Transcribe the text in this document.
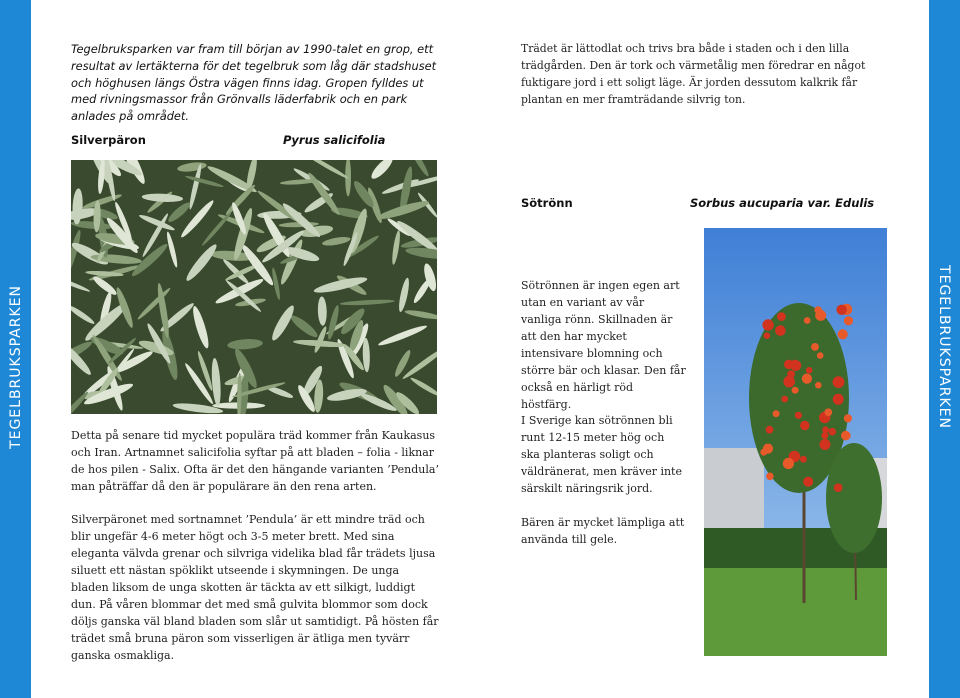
TEGELBRUKSPARKEN	TEGELBRUKSPARKEN

Tegelbruksparken var fram till början av 1990-talet en grop, ett resultat av lertäkterna för det tegelbruk som låg där stadshuset och höghusen längs Östra vägen finns idag. Gropen fylldes ut med rivningsmassor från Grönvalls läderfabrik och en park anlades på området.

Trädet är lättodlat och trivs bra både i staden och i den lilla trädgården. Den är tork och värmetålig men föredrar en något fuktigare jord i ett soligt läge. Är jorden dessutom kalkrik får plantan en mer framträdande silvrig ton.

Silverpäron	Pyrus salicifolia

Detta på senare tid mycket populära träd kommer från Kaukasus och Iran. Artnamnet salicifolia syftar på att bladen – folia - liknar de hos pilen - Salix. Ofta är det den hängande varianten ’Pendula’ man påträffar då den är populärare än den rena arten.

Silverpäronet med sortnamnet ’Pendula’ är ett mindre träd och blir ungefär 4-6 meter högt och 3-5 meter brett. Med sina eleganta välvda grenar och silvriga videlika blad får trädets ljusa siluett ett nästan spöklikt utseende i skymningen. De unga bladen liksom de unga skotten är täckta av ett silkigt, luddigt dun. På våren blommar det med små gulvita blommor som dock döljs ganska väl bland bladen som slår ut samtidigt. På hösten får trädet små bruna päron som visserligen är ätliga men tyvärr ganska osmakliga.

Sötrönn	Sorbus aucuparia var. Edulis

Sötrönnen är ingen egen art utan en variant av vår vanliga rönn. Skillnaden är att den har mycket intensivare blomning och större bär och klasar. Den får också en härligt röd höstfärg.

I Sverige kan sötrönnen bli runt 12-15 meter hög och ska planteras soligt och väldränerat, men kräver inte särskilt näringsrik jord.

Bären är mycket lämpliga att använda till gele.
